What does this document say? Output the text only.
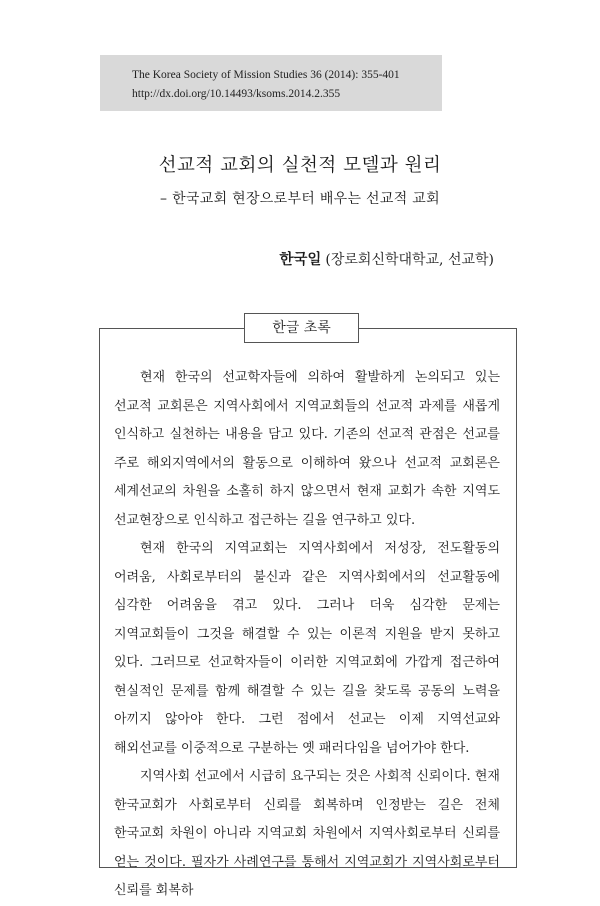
The Korea Society of Mission Studies 36 (2014): 355-401
http://dx.doi.org/10.14493/ksoms.2014.2.355
선교적 교회의 실천적 모델과 원리
– 한국교회 현장으로부터 배우는 선교적 교회
한국일 (장로회신학대학교, 선교학)
한글 초록

현재 한국의 선교학자들에 의하여 활발하게 논의되고 있는 선교적 교회론은 지역사회에서 지역교회들의 선교적 과제를 새롭게 인식하고 실천하는 내용을 담고 있다. 기존의 선교적 관점은 선교를 주로 해외지역에서의 활동으로 이해하여 왔으나 선교적 교회론은 세계선교의 차원을 소홀히 하지 않으면서 현재 교회가 속한 지역도 선교현장으로 인식하고 접근하는 길을 연구하고 있다.

현재 한국의 지역교회는 지역사회에서 저성장, 전도활동의 어려움, 사회로부터의 불신과 같은 지역사회에서의 선교활동에 심각한 어려움을 겪고 있다. 그러나 더욱 심각한 문제는 지역교회들이 그것을 해결할 수 있는 이론적 지원을 받지 못하고 있다. 그러므로 선교학자들이 이러한 지역교회에 가깝게 접근하여 현실적인 문제를 함께 해결할 수 있는 길을 찾도록 공동의 노력을 아끼지 않아야 한다. 그런 점에서 선교는 이제 지역선교와 해외선교를 이중적으로 구분하는 옛 패러다임을 넘어가야 한다.

지역사회 선교에서 시급히 요구되는 것은 사회적 신뢰이다. 현재 한국교회가 사회로부터 신뢰를 회복하며 인정받는 길은 전체 한국교회 차원이 아니라 지역교회 차원에서 지역사회로부터 신뢰를 얻는 것이다. 필자가 사례연구를 통해서 지역교회가 지역사회로부터 신뢰를 회복하
